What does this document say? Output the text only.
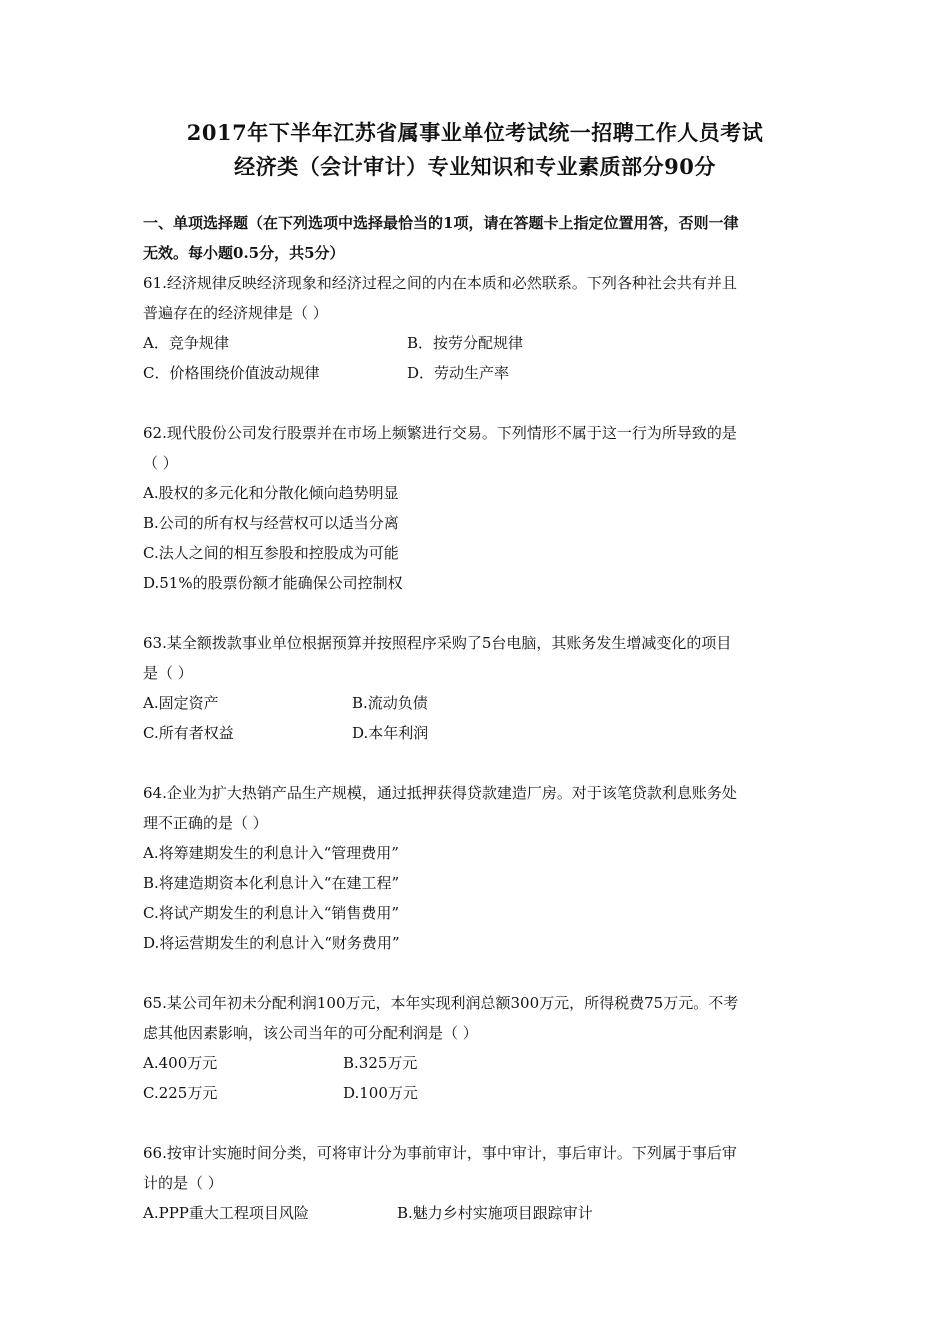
2017年下半年江苏省属事业单位考试统一招聘工作人员考试
经济类（会计审计）专业知识和专业素质部分90分
一、单项选择题（在下列选项中选择最恰当的1项，请在答题卡上指定位置用答，否则一律
无效。每小题0.5分，共5分）
61.经济规律反映经济现象和经济过程之间的内在本质和必然联系。下列各种社会共有并且
普遍存在的经济规律是（ ）
A．竞争规律	B．按劳分配规律
C．价格围绕价值波动规律	D．劳动生产率
62.现代股份公司发行股票并在市场上频繁进行交易。下列情形不属于这一行为所导致的是
（ ）
A.股权的多元化和分散化倾向趋势明显
B.公司的所有权与经营权可以适当分离
C.法人之间的相互参股和控股成为可能
D.51%的股票份额才能确保公司控制权
63.某全额拨款事业单位根据预算并按照程序采购了5台电脑，其账务发生增减变化的项目
是（ ）
A.固定资产	B.流动负债
C.所有者权益	D.本年利润
64.企业为扩大热销产品生产规模，通过抵押获得贷款建造厂房。对于该笔贷款利息账务处
理不正确的是（ ）
A.将筹建期发生的利息计入“管理费用”
B.将建造期资本化利息计入“在建工程”
C.将试产期发生的利息计入“销售费用”
D.将运营期发生的利息计入“财务费用”
65.某公司年初未分配利润100万元，本年实现利润总额300万元，所得税费75万元。不考
虑其他因素影响，该公司当年的可分配利润是（ ）
A.400万元	B.325万元
C.225万元	D.100万元
66.按审计实施时间分类，可将审计分为事前审计，事中审计，事后审计。下列属于事后审
计的是（ ）
A.PPP重大工程项目风险	B.魅力乡村实施项目跟踪审计
